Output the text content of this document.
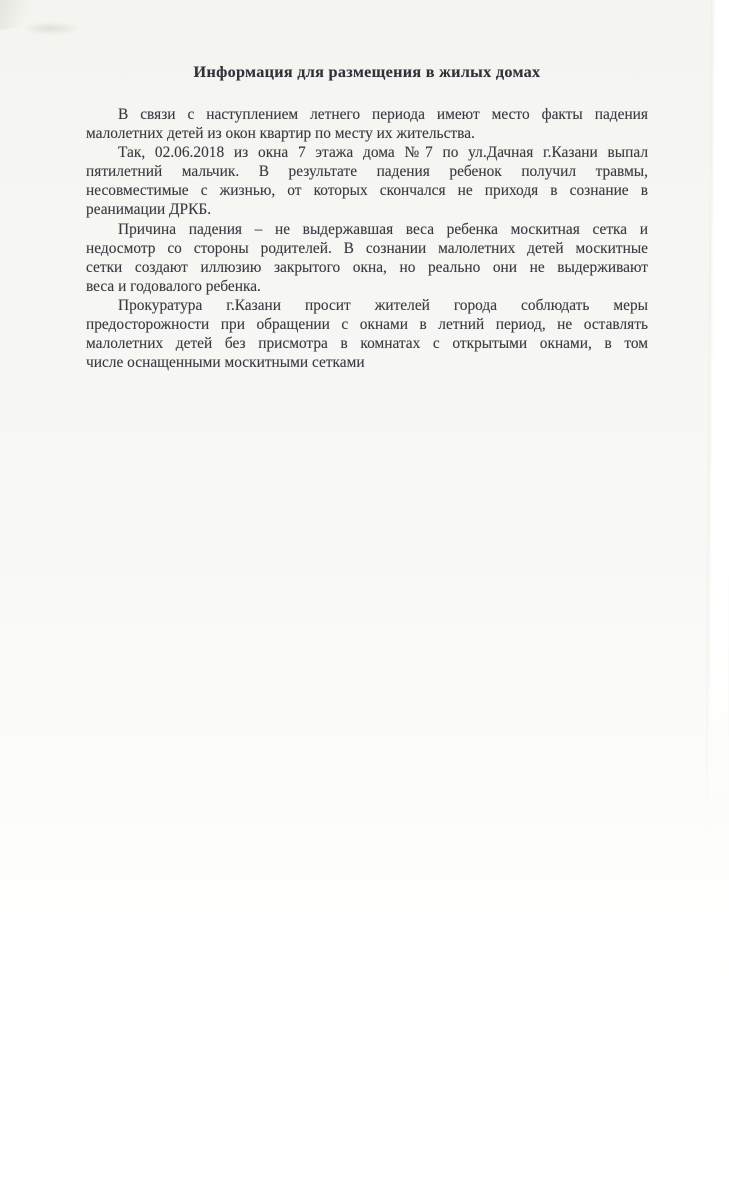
Информация для размещения в жилых домах
В связи с наступлением летнего периода имеют место факты падения
малолетних детей из окон квартир по месту их жительства.
Так, 02.06.2018 из окна 7 этажа дома №7 по ул.Дачная г.Казани выпал
пятилетний мальчик. В результате падения ребенок получил травмы,
несовместимые с жизнью, от которых скончался не приходя в сознание в
реанимации ДРКБ.
Причина падения – не выдержавшая веса ребенка москитная сетка и
недосмотр со стороны родителей. В сознании малолетних детей москитные
сетки создают иллюзию закрытого окна, но реально они не выдерживают
веса и годовалого ребенка.
Прокуратура г.Казани просит жителей города соблюдать меры
предосторожности при обращении с окнами в летний период, не оставлять
малолетних детей без присмотра в комнатах с открытыми окнами, в том
числе оснащенными москитными сетками
